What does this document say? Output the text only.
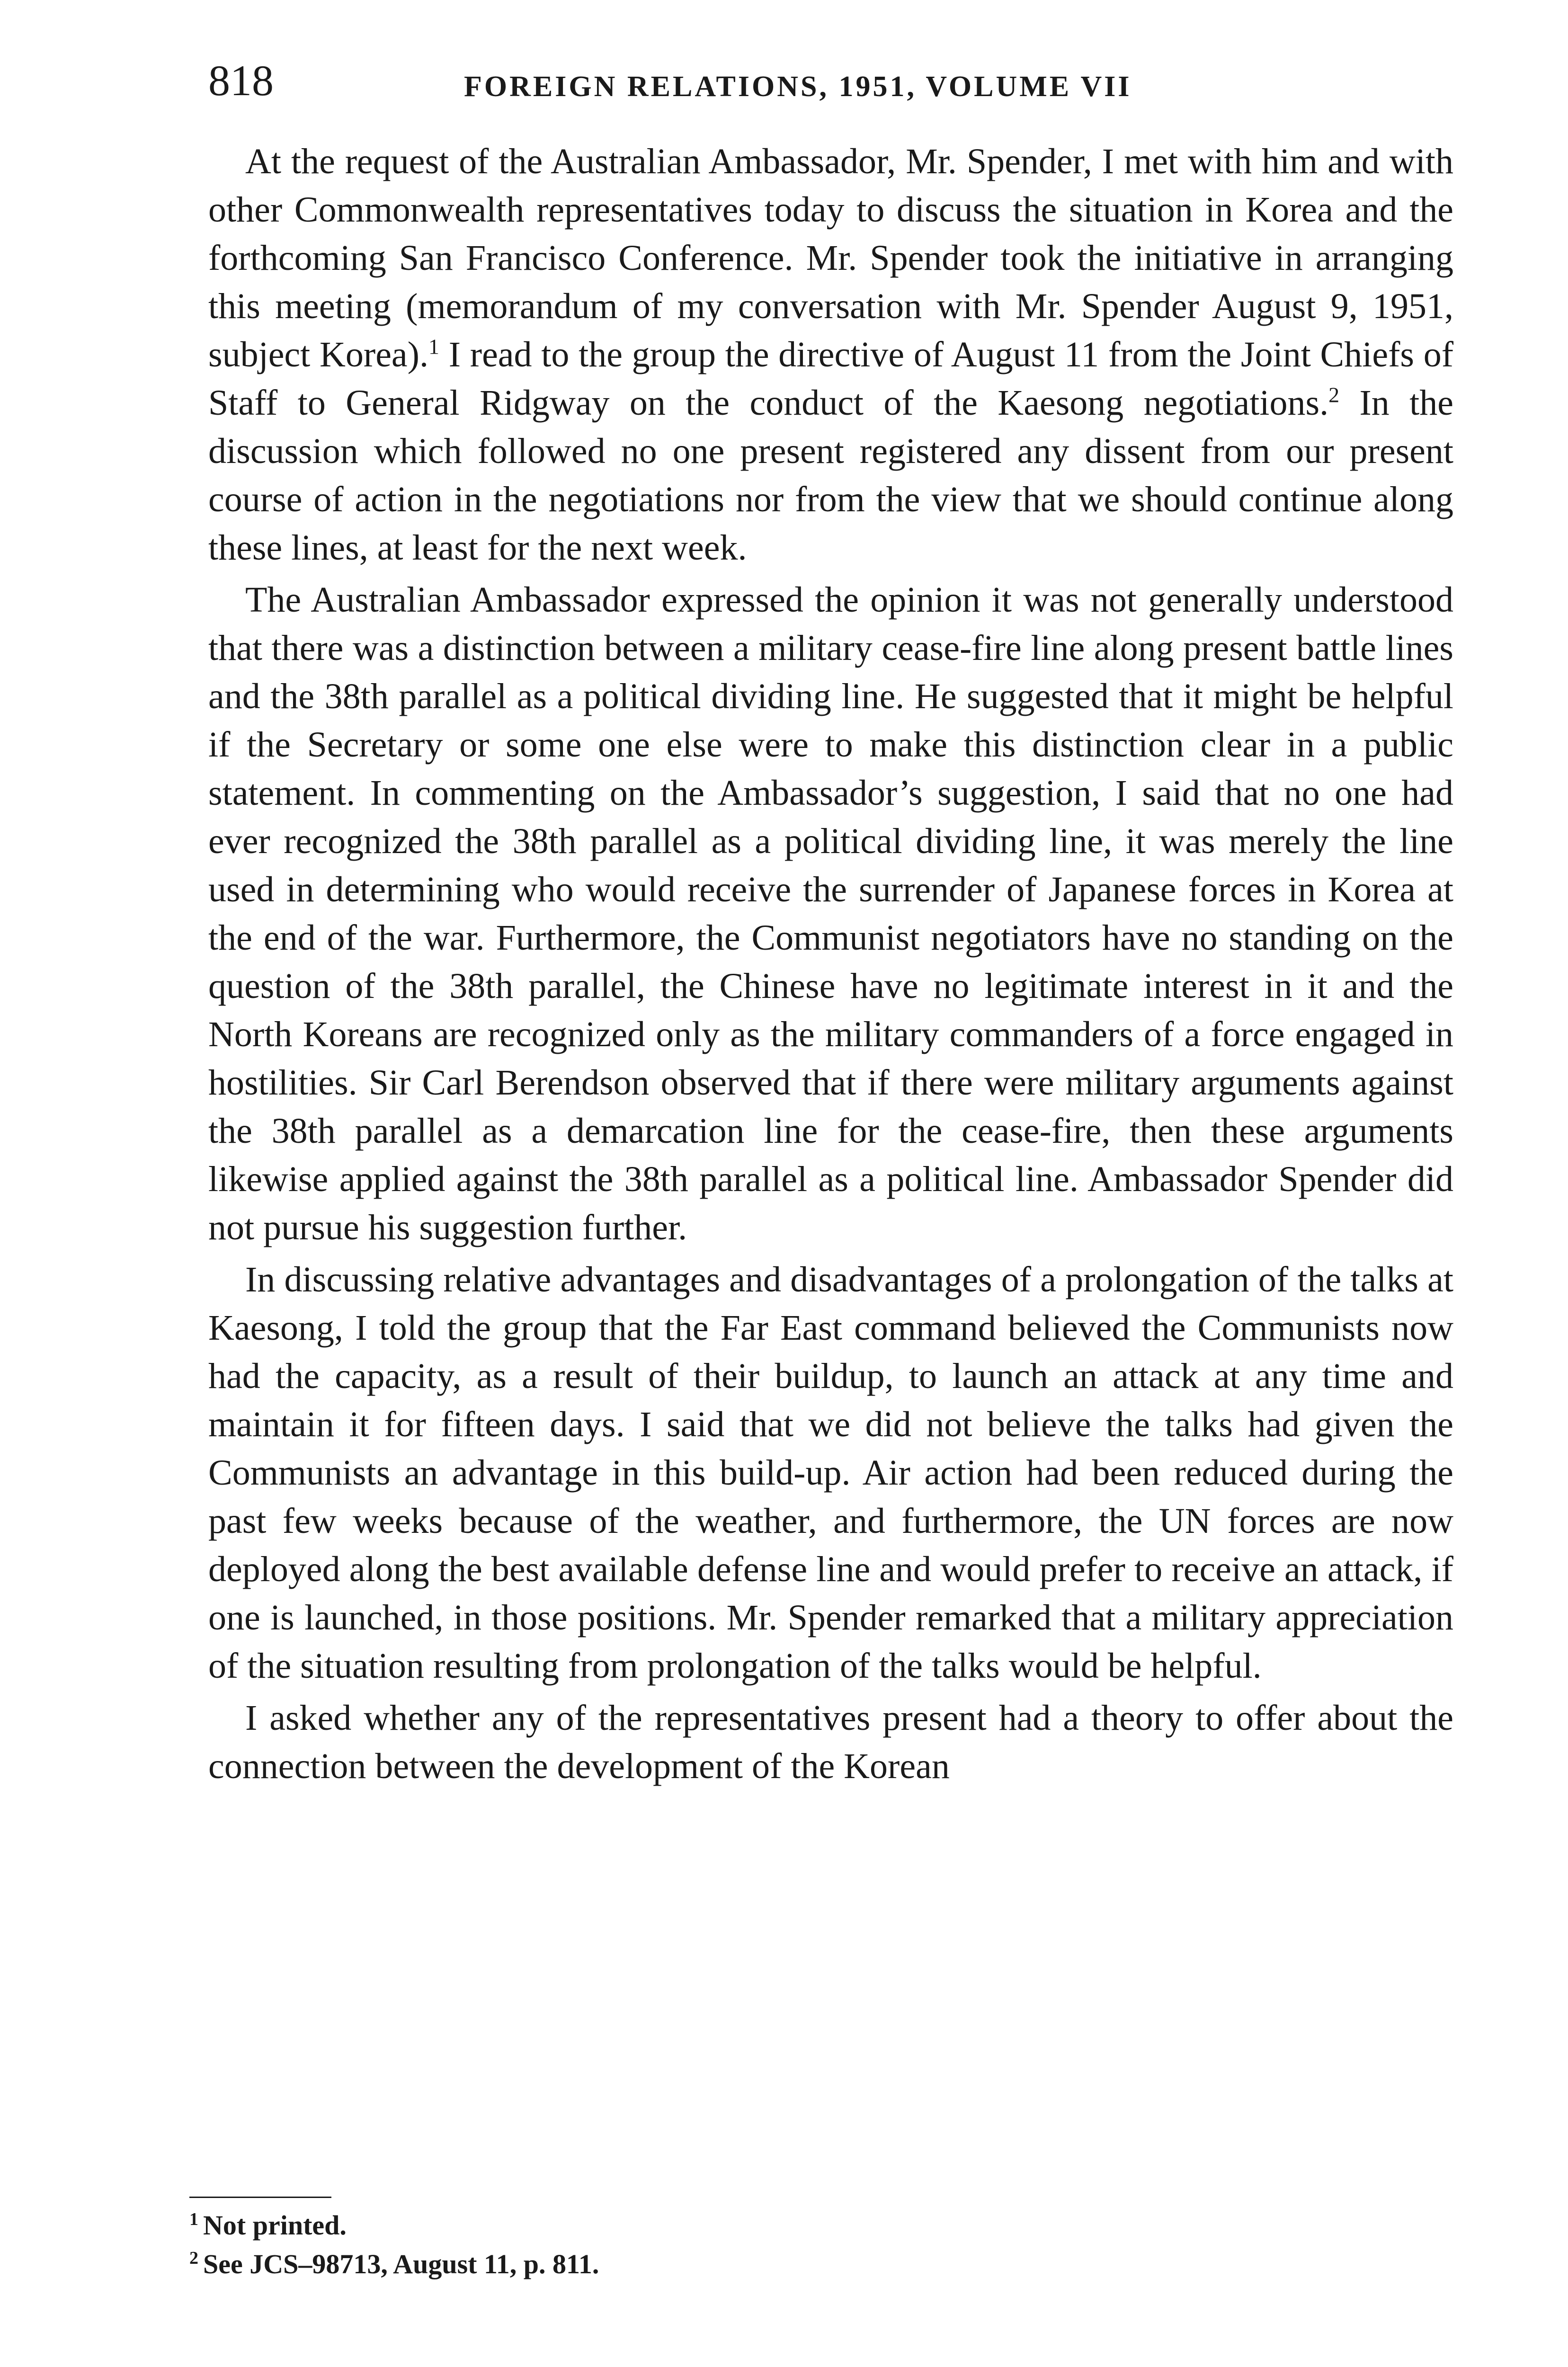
818	FOREIGN RELATIONS, 1951, VOLUME VII

At the request of the Australian Ambassador, Mr. Spender, I met with him and with other Commonwealth representatives today to discuss the situation in Korea and the forthcoming San Francisco Conference. Mr. Spender took the initiative in arranging this meeting (memorandum of my conversation with Mr. Spender August 9, 1951, subject Korea).$^1$ I read to the group the directive of August 11 from the Joint Chiefs of Staff to General Ridgway on the conduct of the Kaesong negotiations.$^2$ In the discussion which followed no one present registered any dissent from our present course of action in the negotiations nor from the view that we should continue along these lines, at least for the next week.

The Australian Ambassador expressed the opinion it was not generally understood that there was a distinction between a military cease-fire line along present battle lines and the 38th parallel as a political dividing line. He suggested that it might be helpful if the Secretary or some one else were to make this distinction clear in a public statement. In commenting on the Ambassador’s suggestion, I said that no one had ever recognized the 38th parallel as a political dividing line, it was merely the line used in determining who would receive the surrender of Japanese forces in Korea at the end of the war. Furthermore, the Communist negotiators have no standing on the question of the 38th parallel, the Chinese have no legitimate interest in it and the North Koreans are recognized only as the military commanders of a force engaged in hostilities. Sir Carl Berendson observed that if there were military arguments against the 38th parallel as a demarcation line for the cease-fire, then these arguments likewise applied against the 38th parallel as a political line. Ambassador Spender did not pursue his suggestion further.

In discussing relative advantages and disadvantages of a prolongation of the talks at Kaesong, I told the group that the Far East command believed the Communists now had the capacity, as a result of their buildup, to launch an attack at any time and maintain it for fifteen days. I said that we did not believe the talks had given the Communists an advantage in this build-up. Air action had been reduced during the past few weeks because of the weather, and furthermore, the UN forces are now deployed along the best available defense line and would prefer to receive an attack, if one is launched, in those positions. Mr. Spender remarked that a military appreciation of the situation resulting from prolongation of the talks would be helpful.

I asked whether any of the representatives present had a theory to offer about the connection between the development of the Korean

$^1$ Not printed.

$^2$ See JCS–98713, August 11, p. 811.
